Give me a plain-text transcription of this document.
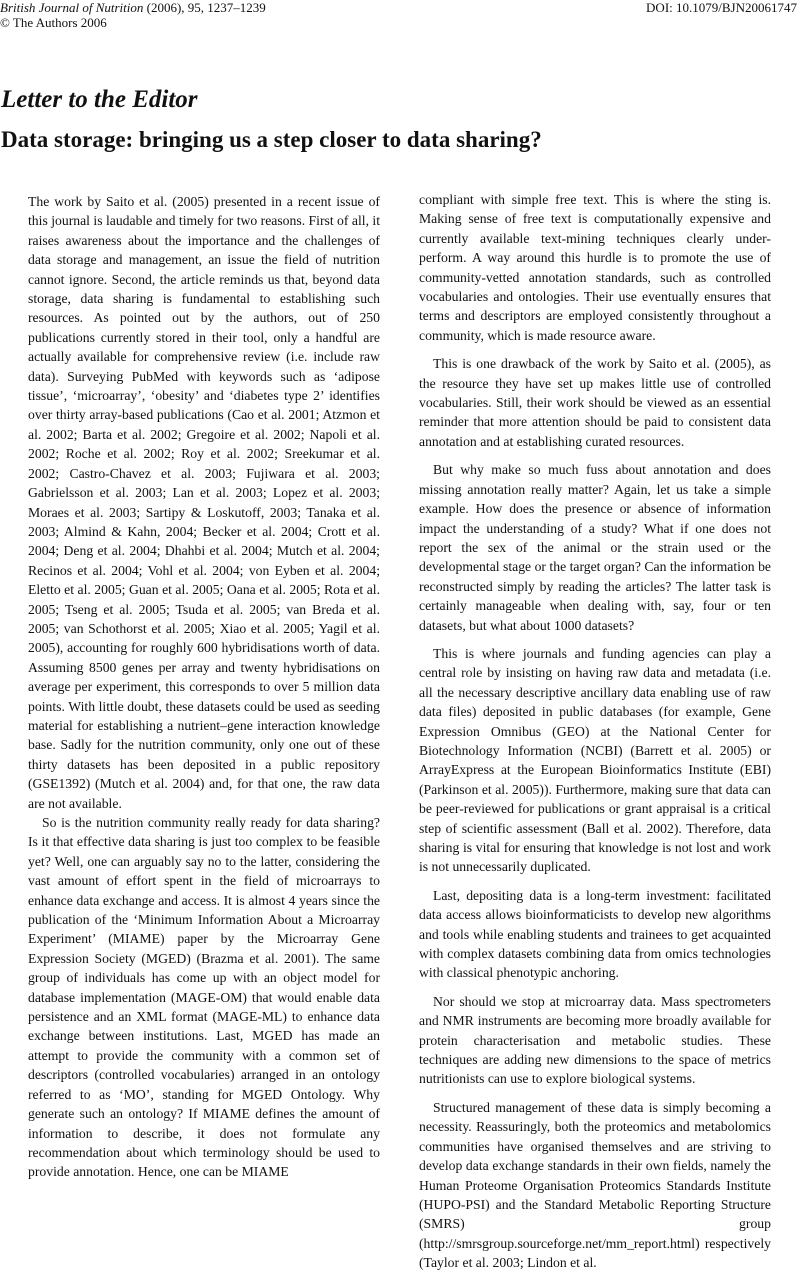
British Journal of Nutrition (2006), 95, 1237–1239
© The Authors 2006
DOI: 10.1079/BJN20061747
Letter to the Editor
Data storage: bringing us a step closer to data sharing?

The work by Saito et al. (2005) presented in a recent issue of this journal is laudable and timely for two reasons. First of all, it raises awareness about the importance and the challenges of data storage and management, an issue the field of nutrition cannot ignore. Second, the article reminds us that, beyond data storage, data sharing is fundamental to establishing such resources. As pointed out by the authors, out of 250 publications currently stored in their tool, only a handful are actually available for comprehensive review (i.e. include raw data). Surveying PubMed with keywords such as ‘adipose tissue’, ‘microarray’, ‘obesity’ and ‘diabetes type 2’ identifies over thirty array-based publications (Cao et al. 2001; Atzmon et al. 2002; Barta et al. 2002; Gregoire et al. 2002; Napoli et al. 2002; Roche et al. 2002; Roy et al. 2002; Sreekumar et al. 2002; Castro-Chavez et al. 2003; Fujiwara et al. 2003; Gabrielsson et al. 2003; Lan et al. 2003; Lopez et al. 2003; Moraes et al. 2003; Sartipy & Loskutoff, 2003; Tanaka et al. 2003; Almind & Kahn, 2004; Becker et al. 2004; Crott et al. 2004; Deng et al. 2004; Dhahbi et al. 2004; Mutch et al. 2004; Recinos et al. 2004; Vohl et al. 2004; von Eyben et al. 2004; Eletto et al. 2005; Guan et al. 2005; Oana et al. 2005; Rota et al. 2005; Tseng et al. 2005; Tsuda et al. 2005; van Breda et al. 2005; van Schothorst et al. 2005; Xiao et al. 2005; Yagil et al. 2005), accounting for roughly 600 hybridisations worth of data. Assuming 8500 genes per array and twenty hybridisations on average per experiment, this corresponds to over 5 million data points. With little doubt, these datasets could be used as seeding material for establishing a nutrient–gene interaction knowledge base. Sadly for the nutrition community, only one out of these thirty datasets has been deposited in a public repository (GSE1392) (Mutch et al. 2004) and, for that one, the raw data are not available.

So is the nutrition community really ready for data sharing? Is it that effective data sharing is just too complex to be feasible yet? Well, one can arguably say no to the latter, considering the vast amount of effort spent in the field of microarrays to enhance data exchange and access. It is almost 4 years since the publication of the ‘Minimum Information About a Microarray Experiment’ (MIAME) paper by the Microarray Gene Expression Society (MGED) (Brazma et al. 2001). The same group of individuals has come up with an object model for database implementation (MAGE-OM) that would enable data persistence and an XML format (MAGE-ML) to enhance data exchange between institutions. Last, MGED has made an attempt to provide the community with a common set of descriptors (controlled vocabularies) arranged in an ontology referred to as ‘MO’, standing for MGED Ontology. Why generate such an ontology? If MIAME defines the amount of information to describe, it does not formulate any recommendation about which terminology should be used to provide annotation. Hence, one can be MIAME

compliant with simple free text. This is where the sting is. Making sense of free text is computationally expensive and currently available text-mining techniques clearly under-perform. A way around this hurdle is to promote the use of community-vetted annotation standards, such as controlled vocabularies and ontologies. Their use eventually ensures that terms and descriptors are employed consistently throughout a community, which is made resource aware.

This is one drawback of the work by Saito et al. (2005), as the resource they have set up makes little use of controlled vocabularies. Still, their work should be viewed as an essential reminder that more attention should be paid to consistent data annotation and at establishing curated resources.

But why make so much fuss about annotation and does missing annotation really matter? Again, let us take a simple example. How does the presence or absence of information impact the understanding of a study? What if one does not report the sex of the animal or the strain used or the developmental stage or the target organ? Can the information be reconstructed simply by reading the articles? The latter task is certainly manageable when dealing with, say, four or ten datasets, but what about 1000 datasets?

This is where journals and funding agencies can play a central role by insisting on having raw data and metadata (i.e. all the necessary descriptive ancillary data enabling use of raw data files) deposited in public databases (for example, Gene Expression Omnibus (GEO) at the National Center for Biotechnology Information (NCBI) (Barrett et al. 2005) or ArrayExpress at the European Bioinformatics Institute (EBI) (Parkinson et al. 2005)). Furthermore, making sure that data can be peer-reviewed for publications or grant appraisal is a critical step of scientific assessment (Ball et al. 2002). Therefore, data sharing is vital for ensuring that knowledge is not lost and work is not unnecessarily duplicated.

Last, depositing data is a long-term investment: facilitated data access allows bioinformaticists to develop new algorithms and tools while enabling students and trainees to get acquainted with complex datasets combining data from omics technologies with classical phenotypic anchoring.

Nor should we stop at microarray data. Mass spectrometers and NMR instruments are becoming more broadly available for protein characterisation and metabolic studies. These techniques are adding new dimensions to the space of metrics nutritionists can use to explore biological systems.

Structured management of these data is simply becoming a necessity. Reassuringly, both the proteomics and metabolomics communities have organised themselves and are striving to develop data exchange standards in their own fields, namely the Human Proteome Organisation Proteomics Standards Institute (HUPO-PSI) and the Standard Metabolic Reporting Structure (SMRS) group (http://smrsgroup.sourceforge.net/mm_report.html) respectively (Taylor et al. 2003; Lindon et al.
